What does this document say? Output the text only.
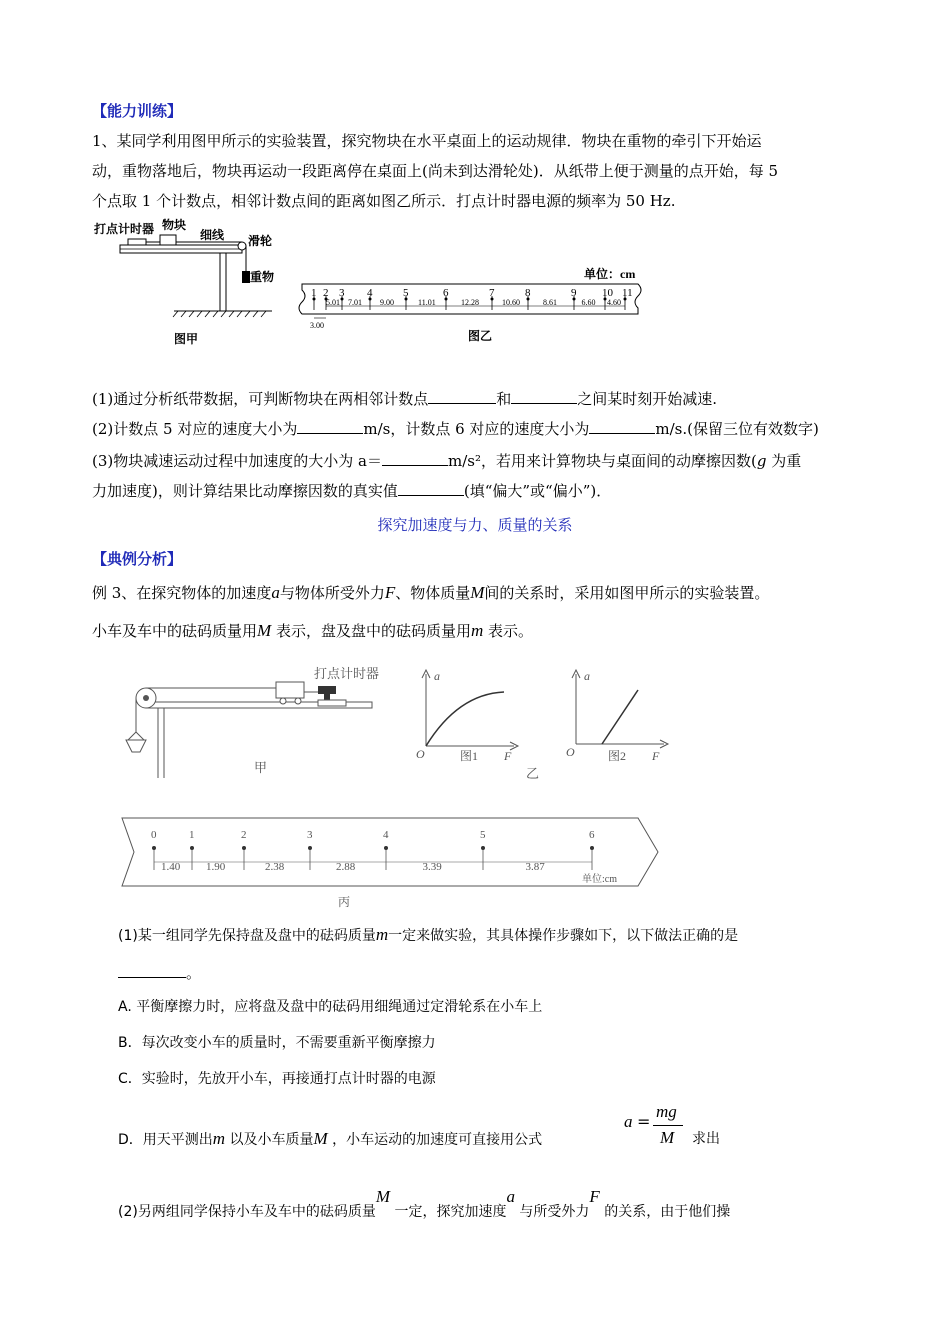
【能力训练】
1、某同学利用图甲所示的实验装置，探究物块在水平桌面上的运动规律．物块在重物的牵引下开始运
动，重物落地后，物块再运动一段距离停在桌面上(尚未到达滑轮处)．从纸带上便于测量的点开始，每 5
个点取 1 个计数点，相邻计数点间的距离如图乙所示．打点计时器电源的频率为 50 Hz.
打点计时器 物块
细线 滑轮
重物
图甲
单位：cm
1 2 3 4	5	6	7	8	9 10 11
3.00
5.01 7.01 9.00	11.01	12.28	10.60	8.61	6.60 4.60
图乙
(1)通过分析纸带数据，可判断物块在两相邻计数点	和	之间某时刻开始减速.
(2)计数点 5 对应的速度大小为	m/s，计数点 6 对应的速度大小为	m/s.(保留三位有效数字)
(3)物块减速运动过程中加速度的大小为 a＝	m/s²，若用来计算物块与桌面间的动摩擦因数(g 为重
力加速度)，则计算结果比动摩擦因数的真实值	(填“偏大”或“偏小”)．
探究加速度与力、质量的关系
【典例分析】
例 3、在探究物体的加速度a与物体所受外力F、物体质量M间的关系时，采用如图甲所示的实验装置。
小车及车中的砝码质量用M 表示，盘及盘中的砝码质量用m 表示。
打点计时器
甲
a
O	F
图1
a
O	F
图2
乙
0	1	2	3	4	5	6
1.40 1.90	2.38	2.88	3.39	3.87
单位:cm
丙
(1)某一组同学先保持盘及盘中的砝码质量m一定来做实验，其具体操作步骤如下，以下做法正确的是
。
A. 平衡摩擦力时，应将盘及盘中的砝码用细绳通过定滑轮系在小车上
B．每次改变小车的质量时，不需要重新平衡摩擦力
C．实验时，先放开小车，再接通打点计时器的电源
D．用天平测出m 以及小车质量M ，小车运动的加速度可直接用公式
a =
mg
M 求出
(2)另两组同学保持小车及车中的砝码质量M 一定，探究加速度a 与所受外力F 的关系，由于他们操
